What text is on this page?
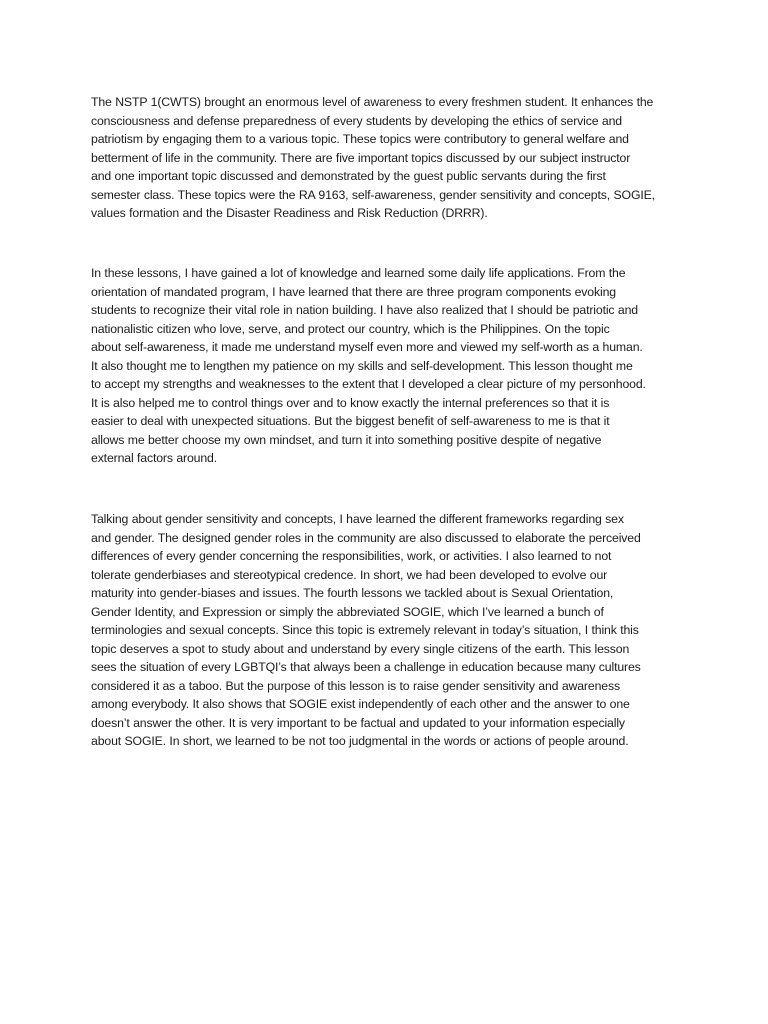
The NSTP 1(CWTS) brought an enormous level of awareness to every freshmen student. It enhances the
consciousness and defense preparedness of every students by developing the ethics of service and
patriotism by engaging them to a various topic. These topics were contributory to general welfare and
betterment of life in the community. There are five important topics discussed by our subject instructor
and one important topic discussed and demonstrated by the guest public servants during the first
semester class. These topics were the RA 9163, self-awareness, gender sensitivity and concepts, SOGIE,
values formation and the Disaster Readiness and Risk Reduction (DRRR).

In these lessons, I have gained a lot of knowledge and learned some daily life applications. From the
orientation of mandated program, I have learned that there are three program components evoking
students to recognize their vital role in nation building. I have also realized that I should be patriotic and
nationalistic citizen who love, serve, and protect our country, which is the Philippines. On the topic
about self-awareness, it made me understand myself even more and viewed my self-worth as a human.
It also thought me to lengthen my patience on my skills and self-development. This lesson thought me
to accept my strengths and weaknesses to the extent that I developed a clear picture of my personhood.
It is also helped me to control things over and to know exactly the internal preferences so that it is
easier to deal with unexpected situations. But the biggest benefit of self-awareness to me is that it
allows me better choose my own mindset, and turn it into something positive despite of negative
external factors around.

Talking about gender sensitivity and concepts, I have learned the different frameworks regarding sex
and gender. The designed gender roles in the community are also discussed to elaborate the perceived
differences of every gender concerning the responsibilities, work, or activities. I also learned to not
tolerate genderbiases and stereotypical credence. In short, we had been developed to evolve our
maturity into gender-biases and issues. The fourth lessons we tackled about is Sexual Orientation,
Gender Identity, and Expression or simply the abbreviated SOGIE, which I’ve learned a bunch of
terminologies and sexual concepts. Since this topic is extremely relevant in today’s situation, I think this
topic deserves a spot to study about and understand by every single citizens of the earth. This lesson
sees the situation of every LGBTQI’s that always been a challenge in education because many cultures
considered it as a taboo. But the purpose of this lesson is to raise gender sensitivity and awareness
among everybody. It also shows that SOGIE exist independently of each other and the answer to one
doesn’t answer the other. It is very important to be factual and updated to your information especially
about SOGIE. In short, we learned to be not too judgmental in the words or actions of people around.
